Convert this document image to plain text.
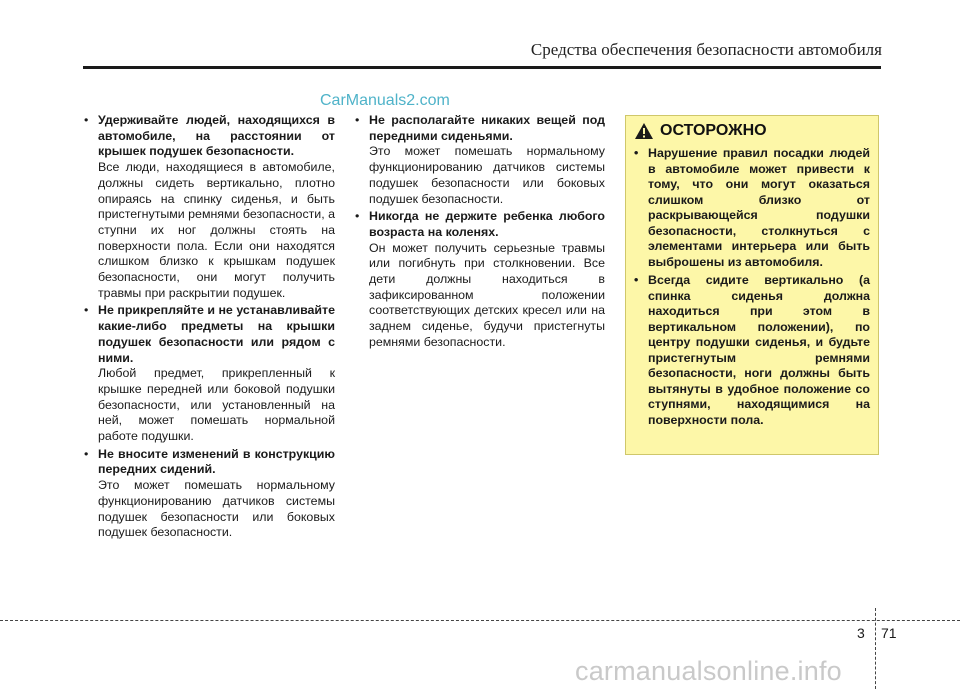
Средства обеспечения безопасности автомобиля
CarManuals2.com
• Удерживайте людей, находящихся в автомобиле, на расстоянии от крышек подушек безопасности.
Все люди, находящиеся в автомобиле, должны сидеть вертикально, плотно опираясь на спинку сиденья, и быть пристегнутыми ремнями безопасности, а ступни их ног должны стоять на поверхности пола. Если они находятся слишком близко к крышкам подушек безопасности, они могут получить травмы при раскрытии подушек.
• Не прикрепляйте и не устанавливайте какие-либо предметы на крышки подушек безопасности или рядом с ними.
Любой предмет, прикрепленный к крышке передней или боковой подушки безопасности, или установленный на ней, может помешать нормальной работе подушки.
• Не вносите изменений в конструкцию передних сидений.
Это может помешать нормальному функционированию датчиков системы подушек безопасности или боковых подушек безопасности.
• Не располагайте никаких вещей под передними сиденьями.
Это может помешать нормальному функционированию датчиков системы подушек безопасности или боковых подушек безопасности.
• Никогда не держите ребенка любого возраста на коленях.
Он может получить серьезные травмы или погибнуть при столкновении. Все дети должны находиться в зафиксированном положении соответствующих детских кресел или на заднем сиденье, будучи пристегнуты ремнями безопасности.
ОСТОРОЖНО
• Нарушение правил посадки людей в автомобиле может привести к тому, что они могут оказаться слишком близко от раскрывающейся подушки безопасности, столкнуться с элементами интерьера или быть выброшены из автомобиля.
• Всегда сидите вертикально (а спинка сиденья должна находиться при этом в вертикальном положении), по центру подушки сиденья, и будьте пристегнутым ремнями безопасности, ноги должны быть вытянуты в удобное положение со ступнями, находящимися на поверхности пола.
3 71
carmanualsonline.info
